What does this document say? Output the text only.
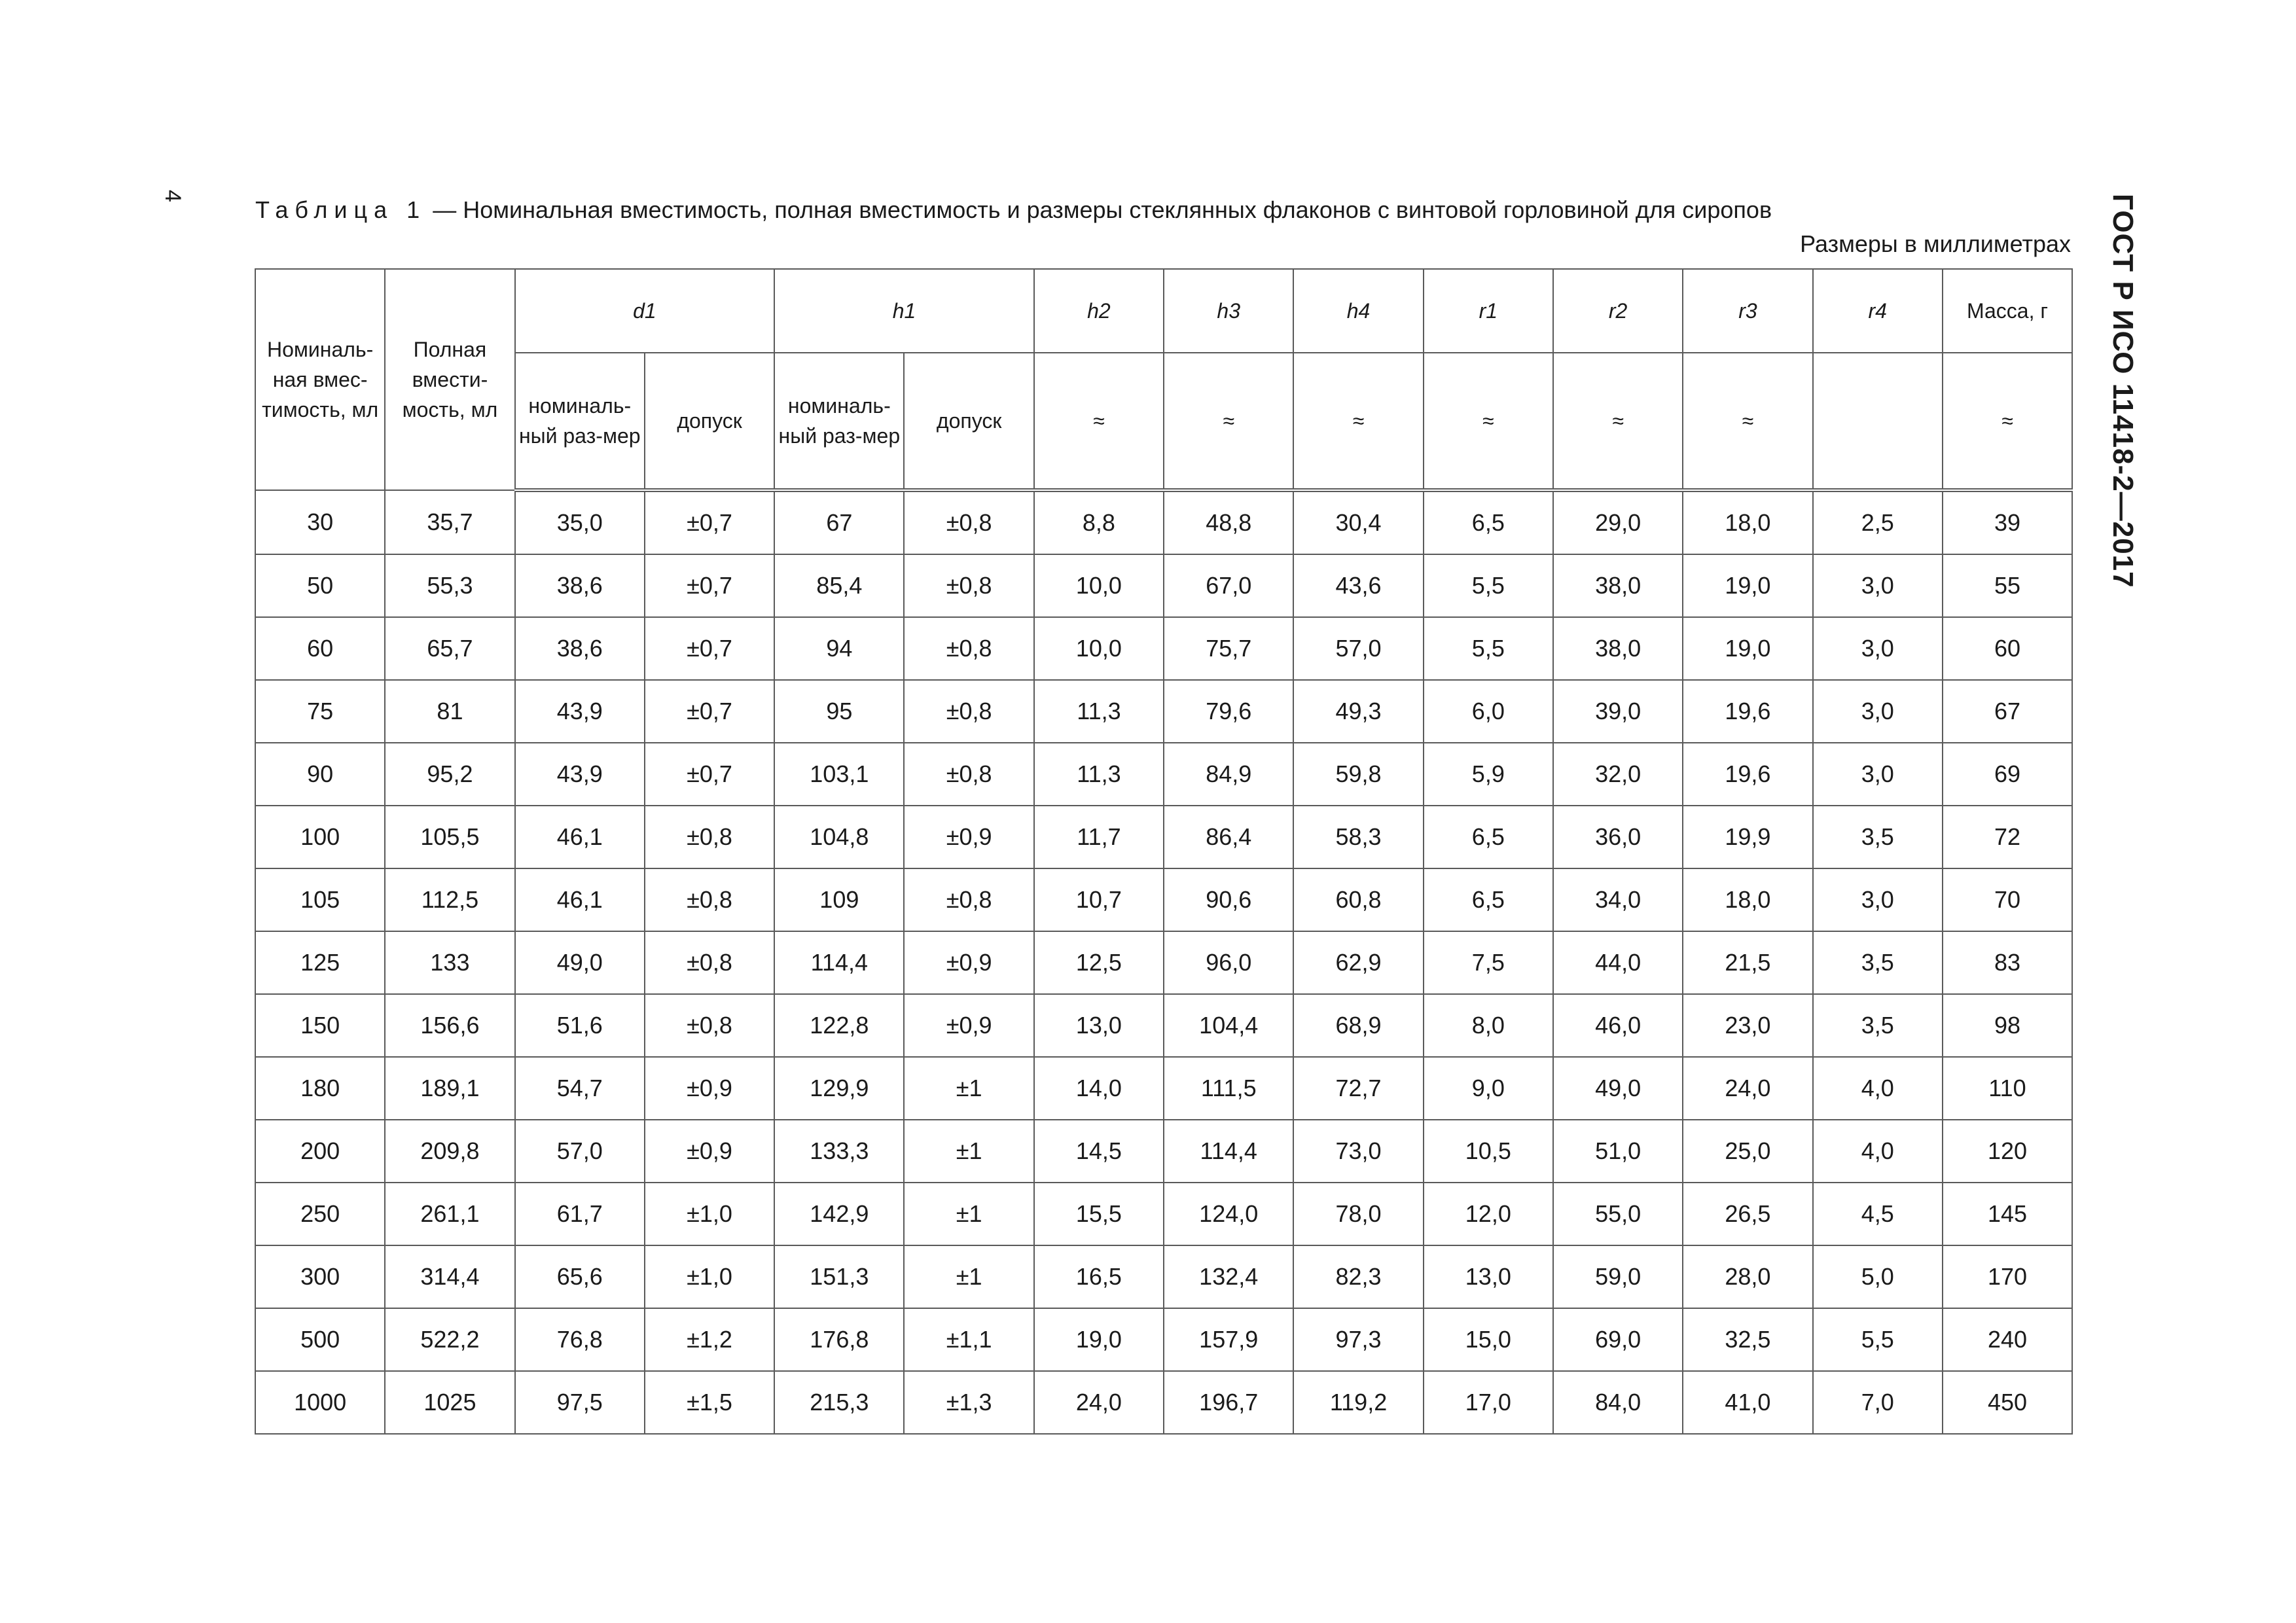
4	ГОСТ Р ИСО 11418-2—2017
Таблица 1 — Номинальная вместимость, полная вместимость и размеры стеклянных флаконов с винтовой горловиной для сиропов
Размеры в миллиметрах
Номиналь-ная вмес-тимость, мл	Полная вмести-мость, мл	d1		h1		h2	h3	h4	r1	r2	r3	r4	Масса, г
		номиналь-ный раз-мер	допуск	номиналь-ный раз-мер	допуск	≈	≈	≈	≈	≈	≈		≈
30	35,7	35,0	±0,7	67	±0,8	8,8	48,8	30,4	6,5	29,0	18,0	2,5	39
50	55,3	38,6	±0,7	85,4	±0,8	10,0	67,0	43,6	5,5	38,0	19,0	3,0	55
60	65,7	38,6	±0,7	94	±0,8	10,0	75,7	57,0	5,5	38,0	19,0	3,0	60
75	81	43,9	±0,7	95	±0,8	11,3	79,6	49,3	6,0	39,0	19,6	3,0	67
90	95,2	43,9	±0,7	103,1	±0,8	11,3	84,9	59,8	5,9	32,0	19,6	3,0	69
100	105,5	46,1	±0,8	104,8	±0,9	11,7	86,4	58,3	6,5	36,0	19,9	3,5	72
105	112,5	46,1	±0,8	109	±0,8	10,7	90,6	60,8	6,5	34,0	18,0	3,0	70
125	133	49,0	±0,8	114,4	±0,9	12,5	96,0	62,9	7,5	44,0	21,5	3,5	83
150	156,6	51,6	±0,8	122,8	±0,9	13,0	104,4	68,9	8,0	46,0	23,0	3,5	98
180	189,1	54,7	±0,9	129,9	±1	14,0	111,5	72,7	9,0	49,0	24,0	4,0	110
200	209,8	57,0	±0,9	133,3	±1	14,5	114,4	73,0	10,5	51,0	25,0	4,0	120
250	261,1	61,7	±1,0	142,9	±1	15,5	124,0	78,0	12,0	55,0	26,5	4,5	145
300	314,4	65,6	±1,0	151,3	±1	16,5	132,4	82,3	13,0	59,0	28,0	5,0	170
500	522,2	76,8	±1,2	176,8	±1,1	19,0	157,9	97,3	15,0	69,0	32,5	5,5	240
1000	1025	97,5	±1,5	215,3	±1,3	24,0	196,7	119,2	17,0	84,0	41,0	7,0	450
